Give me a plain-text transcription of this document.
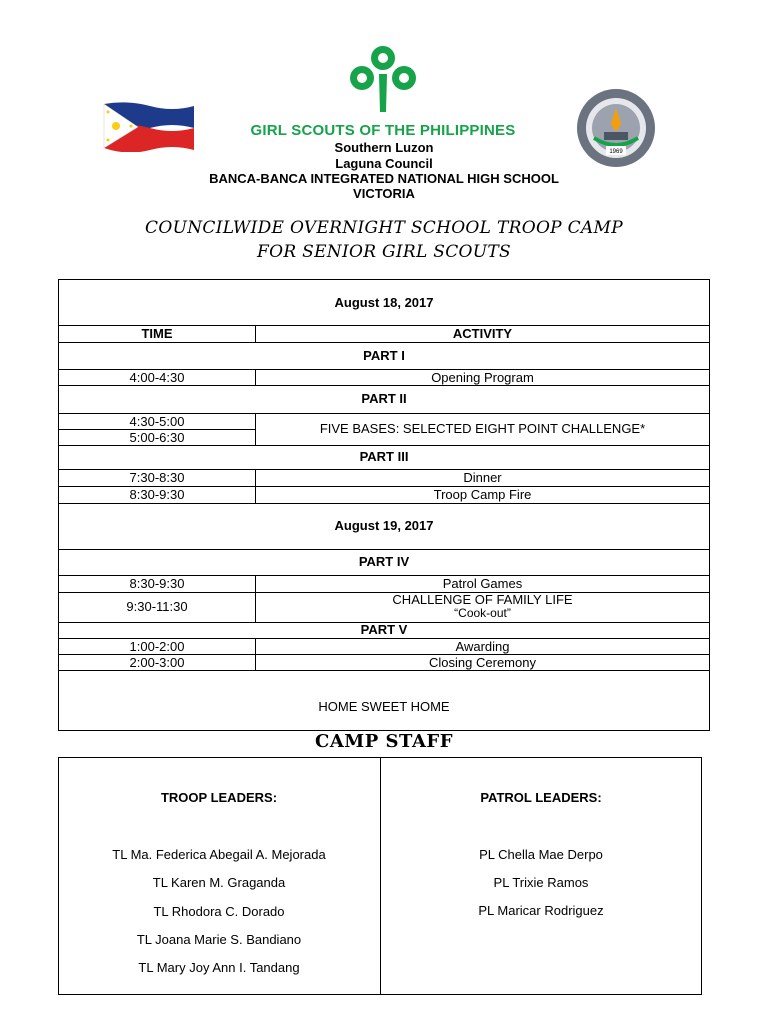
1969
GIRL SCOUTS OF THE PHILIPPINES
Southern Luzon
Laguna Council
BANCA-BANCA INTEGRATED NATIONAL HIGH SCHOOL
VICTORIA
COUNCILWIDE OVERNIGHT SCHOOL TROOP CAMP
FOR SENIOR GIRL SCOUTS
August 18, 2017
TIME	ACTIVITY
PART I
4:00-4:30	Opening Program
PART II
4:30-5:00
5:00-6:30
FIVE BASES: SELECTED EIGHT POINT CHALLENGE*
PART III
7:30-8:30	Dinner
8:30-9:30	Troop Camp Fire
August 19, 2017
PART IV
8:30-9:30	Patrol Games
9:30-11:30	CHALLENGE OF FAMILY LIFE
“Cook-out”
PART V
1:00-2:00	Awarding
2:00-3:00	Closing Ceremony
HOME SWEET HOME
CAMP STAFF
TROOP LEADERS:
TL Ma. Federica Abegail A. Mejorada
TL Karen M. Graganda
TL Rhodora C. Dorado
TL Joana Marie S. Bandiano
TL Mary Joy Ann I. Tandang
PATROL LEADERS:
PL Chella Mae Derpo
PL Trixie Ramos
PL Maricar Rodriguez
